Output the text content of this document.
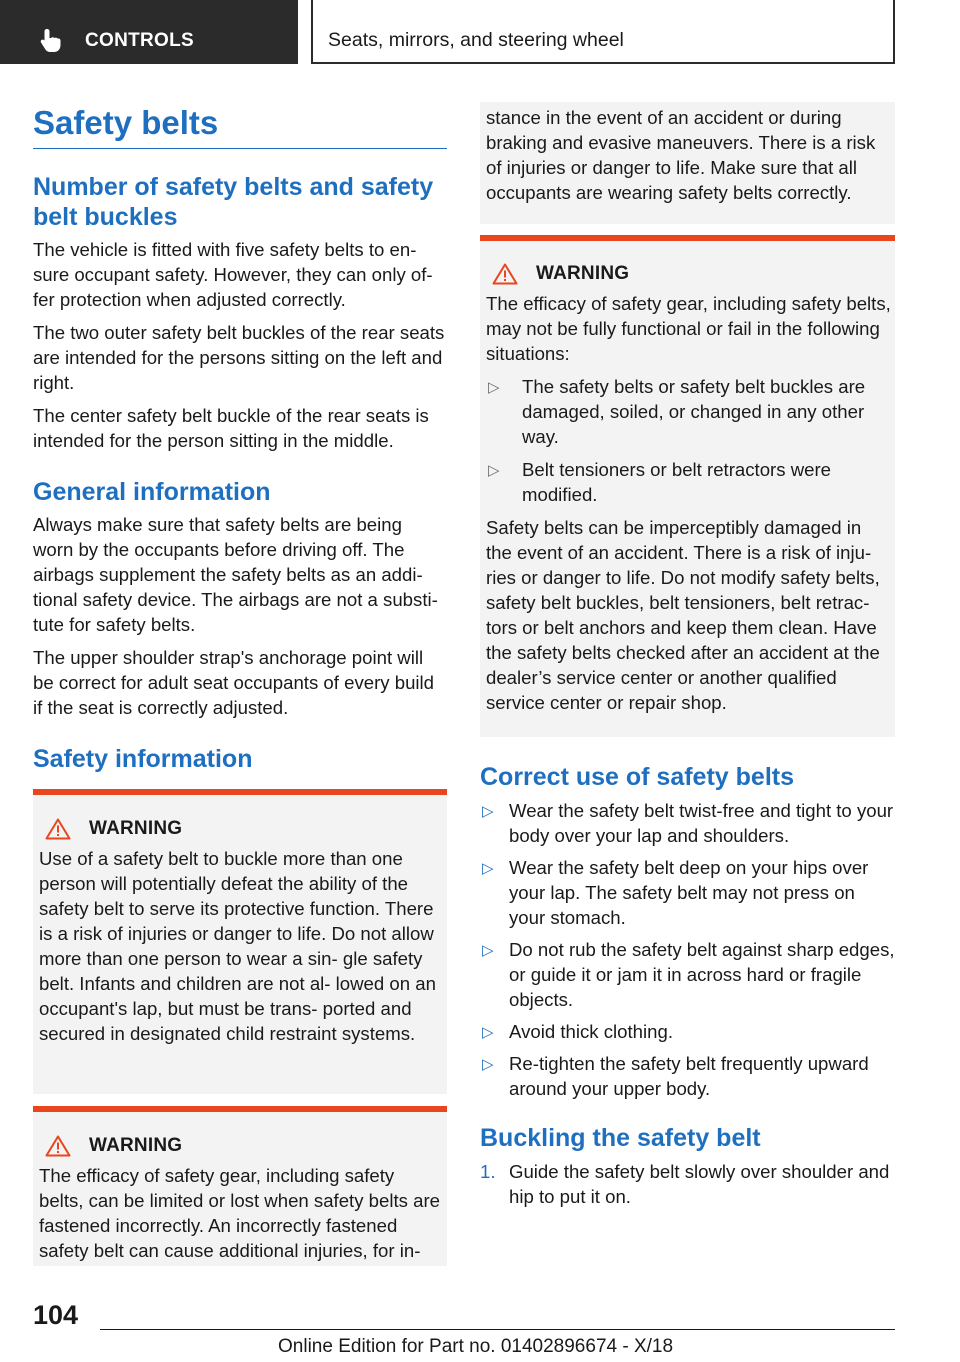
CONTROLS	Seats, mirrors, and steering wheel
Safety belts
Number of safety belts and safety belt buckles

The vehicle is fitted with five safety belts to en‐ sure occupant safety. However, they can only of‐ fer protection when adjusted correctly.

The two outer safety belt buckles of the rear seats are intended for the persons sitting on the left and right.

The center safety belt buckle of the rear seats is intended for the person sitting in the middle.

General information

Always make sure that safety belts are being worn by the occupants before driving off. The airbags supplement the safety belts as an addi‐ tional safety device. The airbags are not a substi‐ tute for safety belts.

The upper shoulder strap's anchorage point will be correct for adult seat occupants of every build if the seat is correctly adjusted.

Safety information
WARNING

Use of a safety belt to buckle more than one person will potentially defeat the ability of the safety belt to serve its protective function. There is a risk of injuries or danger to life. Do not allow more than one person to wear a sin‐ gle safety belt. Infants and children are not al‐ lowed on an occupant's lap, but must be trans‐ ported and secured in designated child restraint systems.

WARNING

The efficacy of safety gear, including safety belts, can be limited or lost when safety belts are fastened incorrectly. An incorrectly fastened safety belt can cause additional injuries, for in‐

stance in the event of an accident or during braking and evasive maneuvers. There is a risk of injuries or danger to life. Make sure that all occupants are wearing safety belts correctly.

WARNING

The efficacy of safety gear, including safety belts, may not be fully functional or fail in the following situations:

▷ The safety belts or safety belt buckles are damaged, soiled, or changed in any other way.
▷ Belt tensioners or belt retractors were modified.

Safety belts can be imperceptibly damaged in the event of an accident. There is a risk of inju‐ ries or danger to life. Do not modify safety belts, safety belt buckles, belt tensioners, belt retrac‐ tors or belt anchors and keep them clean. Have the safety belts checked after an accident at the dealer’s service center or another qualified service center or repair shop.

Correct use of safety belts
▷ Wear the safety belt twist-free and tight to your body over your lap and shoulders.
▷ Wear the safety belt deep on your hips over your lap. The safety belt may not press on your stomach.
▷ Do not rub the safety belt against sharp edges, or guide it or jam it in across hard or fragile objects.
▷ Avoid thick clothing.
▷ Re-tighten the safety belt frequently upward around your upper body.
Buckling the safety belt
1. Guide the safety belt slowly over shoulder and hip to put it on.
104
Online Edition for Part no. 01402896674 - X/18
